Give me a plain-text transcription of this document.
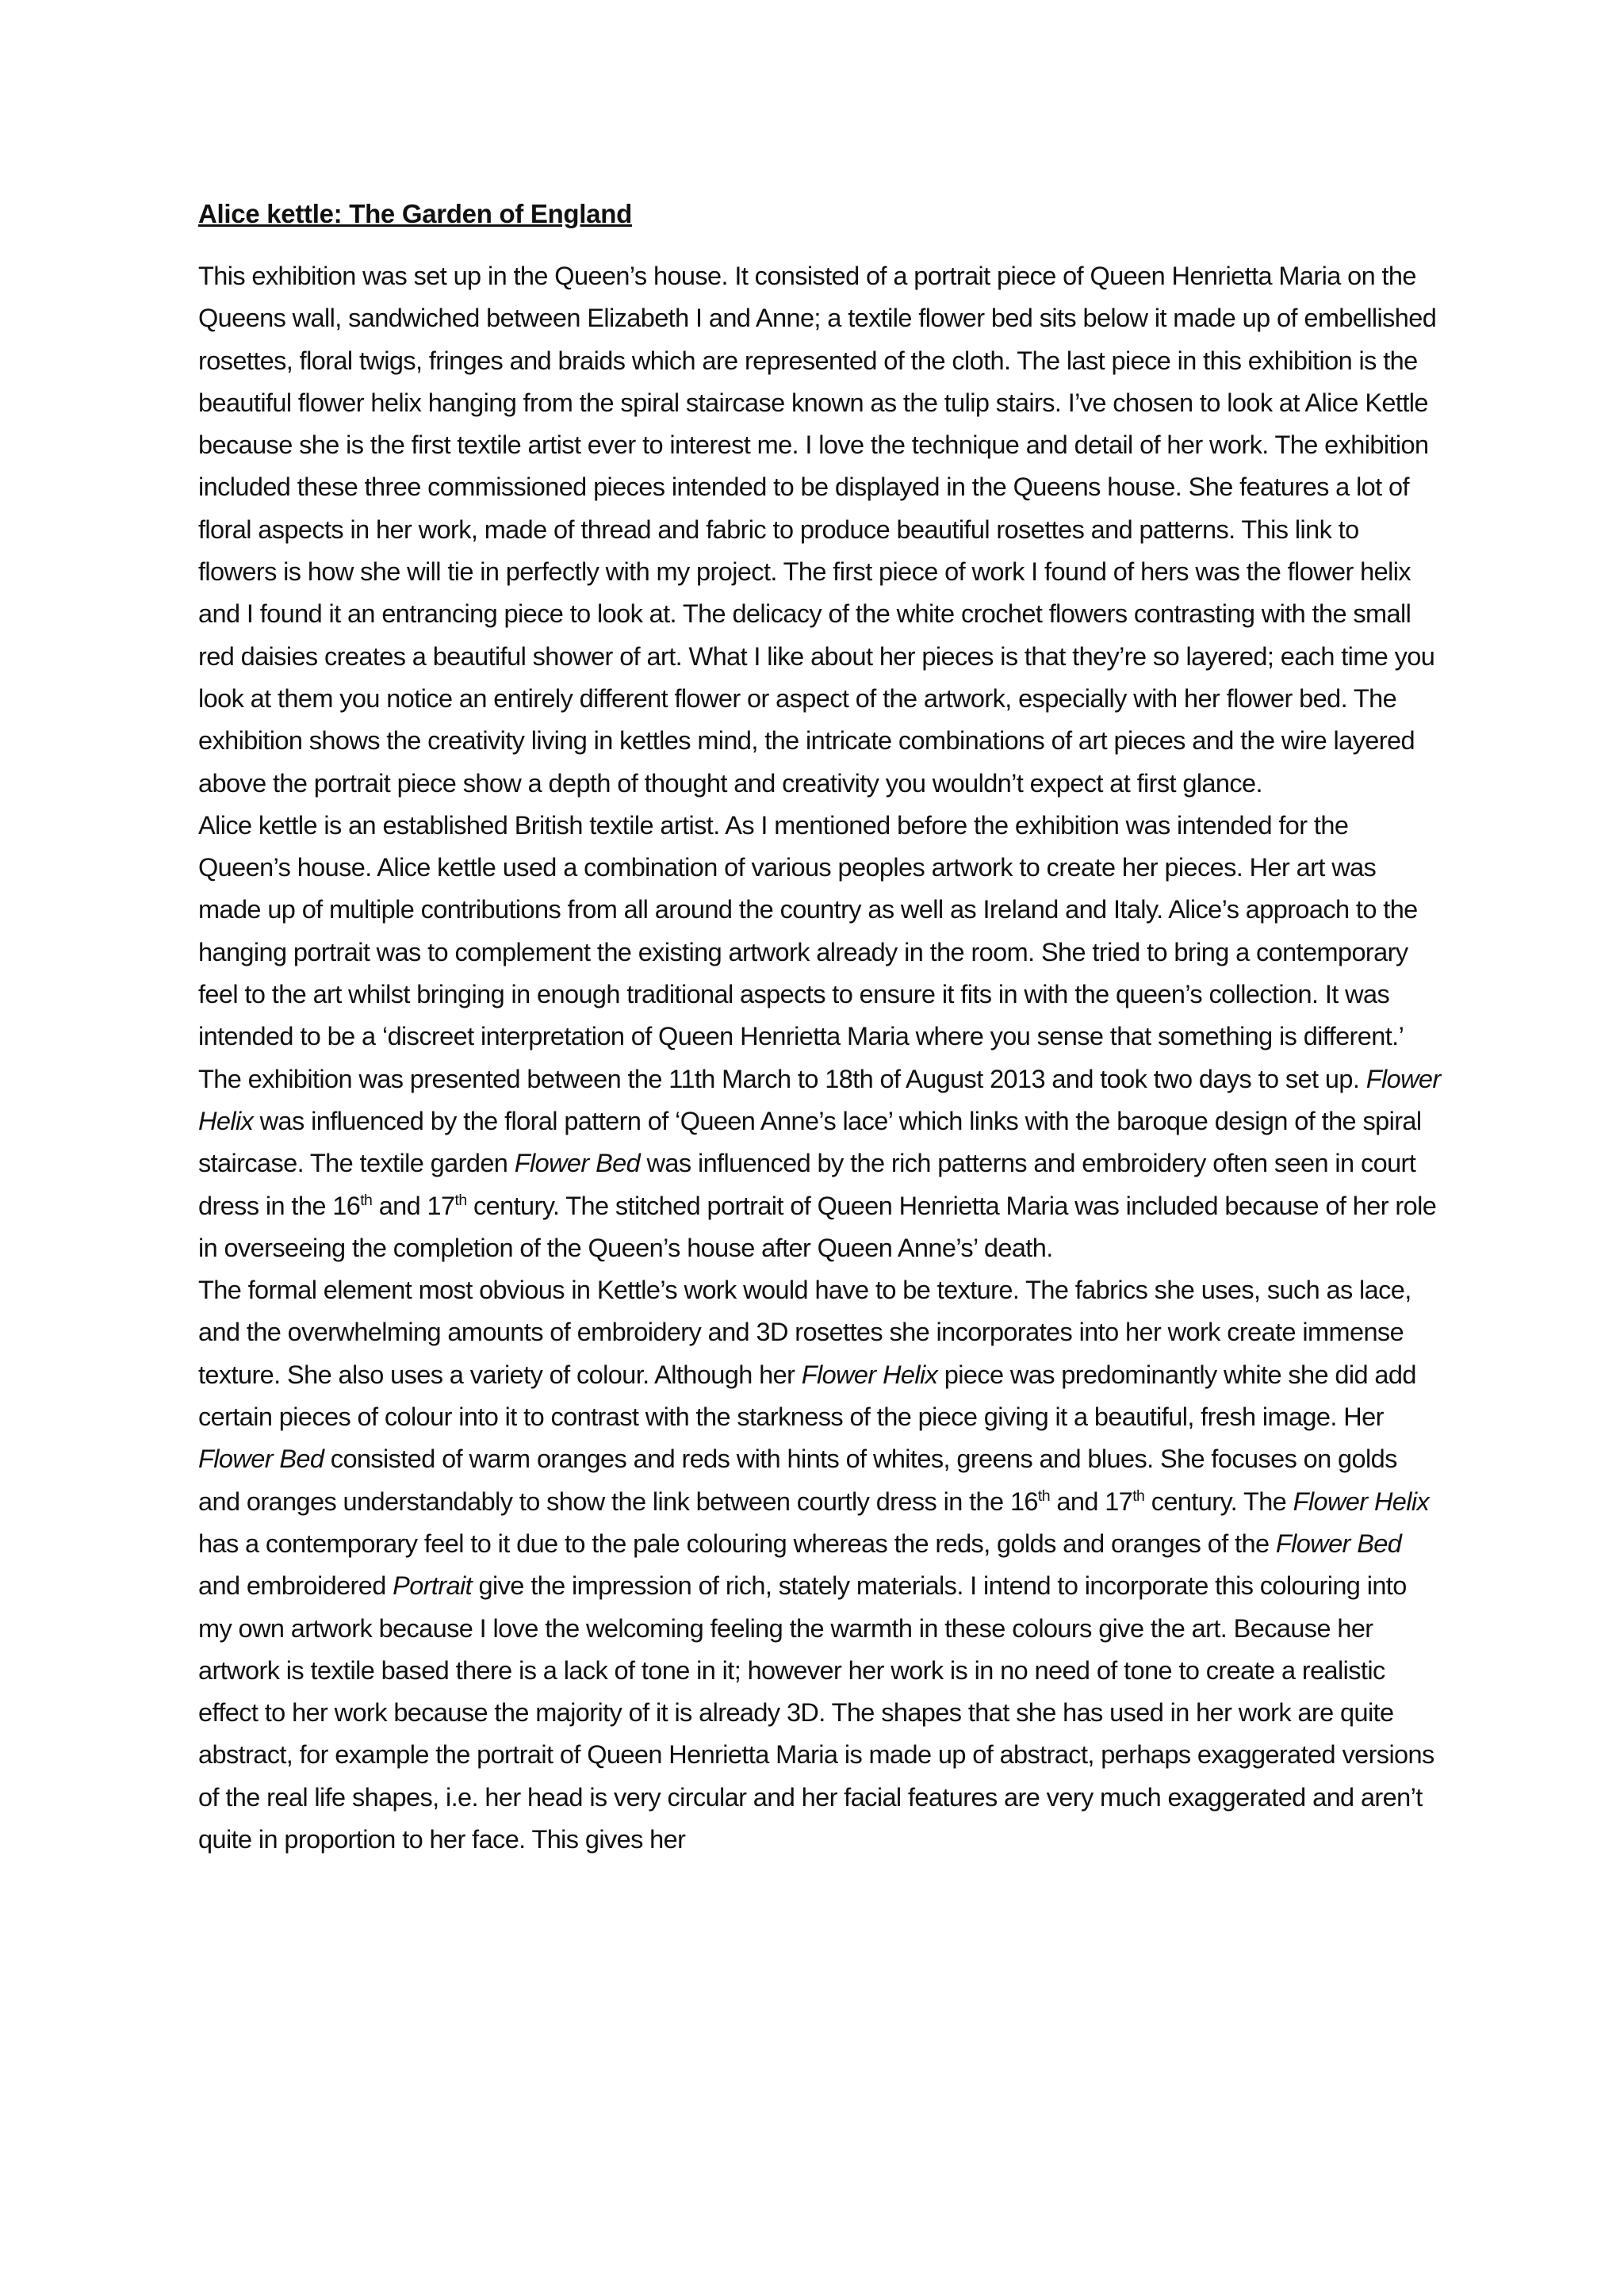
Alice kettle: The Garden of England

This exhibition was set up in the Queen’s house. It consisted of a portrait piece of Queen Henrietta Maria on the Queens wall, sandwiched between Elizabeth I and Anne; a textile flower bed sits below it made up of embellished rosettes, floral twigs, fringes and braids which are represented of the cloth. The last piece in this exhibition is the beautiful flower helix hanging from the spiral staircase known as the tulip stairs. I’ve chosen to look at Alice Kettle because she is the first textile artist ever to interest me. I love the technique and detail of her work. The exhibition included these three commissioned pieces intended to be displayed in the Queens house. She features a lot of floral aspects in her work, made of thread and fabric to produce beautiful rosettes and patterns. This link to flowers is how she will tie in perfectly with my project. The first piece of work I found of hers was the flower helix and I found it an entrancing piece to look at. The delicacy of the white crochet flowers contrasting with the small red daisies creates a beautiful shower of art. What I like about her pieces is that they’re so layered; each time you look at them you notice an entirely different flower or aspect of the artwork, especially with her flower bed. The exhibition shows the creativity living in kettles mind, the intricate combinations of art pieces and the wire layered above the portrait piece show a depth of thought and creativity you wouldn’t expect at first glance.

Alice kettle is an established British textile artist. As I mentioned before the exhibition was intended for the Queen’s house. Alice kettle used a combination of various peoples artwork to create her pieces. Her art was made up of multiple contributions from all around the country as well as Ireland and Italy. Alice’s approach to the hanging portrait was to complement the existing artwork already in the room. She tried to bring a contemporary feel to the art whilst bringing in enough traditional aspects to ensure it fits in with the queen’s collection. It was intended to be a ‘discreet interpretation of Queen Henrietta Maria where you sense that something is different.’ The exhibition was presented between the 11th March to 18th of August 2013 and took two days to set up. Flower Helix was influenced by the floral pattern of ‘Queen Anne’s lace’ which links with the baroque design of the spiral staircase. The textile garden Flower Bed was influenced by the rich patterns and embroidery often seen in court dress in the 16th and 17th century. The stitched portrait of Queen Henrietta Maria was included because of her role in overseeing the completion of the Queen’s house after Queen Anne’s’ death.

The formal element most obvious in Kettle’s work would have to be texture. The fabrics she uses, such as lace, and the overwhelming amounts of embroidery and 3D rosettes she incorporates into her work create immense texture. She also uses a variety of colour. Although her Flower Helix piece was predominantly white she did add certain pieces of colour into it to contrast with the starkness of the piece giving it a beautiful, fresh image. Her Flower Bed consisted of warm oranges and reds with hints of whites, greens and blues. She focuses on golds and oranges understandably to show the link between courtly dress in the 16th and 17th century. The Flower Helix has a contemporary feel to it due to the pale colouring whereas the reds, golds and oranges of the Flower Bed and embroidered Portrait give the impression of rich, stately materials. I intend to incorporate this colouring into my own artwork because I love the welcoming feeling the warmth in these colours give the art. Because her artwork is textile based there is a lack of tone in it; however her work is in no need of tone to create a realistic effect to her work because the majority of it is already 3D. The shapes that she has used in her work are quite abstract, for example the portrait of Queen Henrietta Maria is made up of abstract, perhaps exaggerated versions of the real life shapes, i.e. her head is very circular and her facial features are very much exaggerated and aren’t quite in proportion to her face. This gives her
